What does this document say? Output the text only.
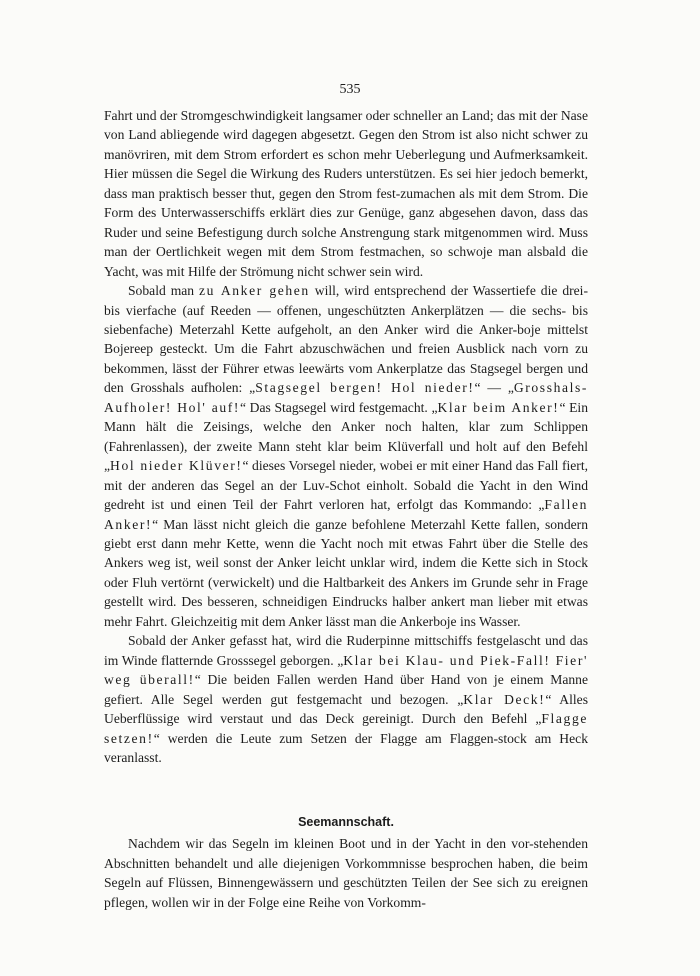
535

Fahrt und der Stromgeschwindigkeit langsamer oder schneller an Land; das mit der Nase von Land abliegende wird dagegen abgesetzt. Gegen den Strom ist also nicht schwer zu manövriren, mit dem Strom erfordert es schon mehr Ueberlegung und Aufmerksamkeit. Hier müssen die Segel die Wirkung des Ruders unterstützen. Es sei hier jedoch bemerkt, dass man praktisch besser thut, gegen den Strom fest-zumachen als mit dem Strom. Die Form des Unterwasserschiffs erklärt dies zur Genüge, ganz abgesehen davon, dass das Ruder und seine Befestigung durch solche Anstrengung stark mitgenommen wird. Muss man der Oertlichkeit wegen mit dem Strom festmachen, so schwoje man alsbald die Yacht, was mit Hilfe der Strömung nicht schwer sein wird.

Sobald man zu Anker gehen will, wird entsprechend der Wassertiefe die drei- bis vierfache (auf Reeden — offenen, ungeschützten Ankerplätzen — die sechs- bis siebenfache) Meterzahl Kette aufgeholt, an den Anker wird die Anker-boje mittelst Bojereep gesteckt. Um die Fahrt abzuschwächen und freien Ausblick nach vorn zu bekommen, lässt der Führer etwas leewärts vom Ankerplatze das Stagsegel bergen und den Grosshals aufholen: „Stagsegel bergen! Hol nieder!“ — „Grosshals-Aufholer! Hol' auf!“ Das Stagsegel wird festgemacht. „Klar beim Anker!“ Ein Mann hält die Zeisings, welche den Anker noch halten, klar zum Schlippen (Fahrenlassen), der zweite Mann steht klar beim Klüverfall und holt auf den Befehl „Hol nieder Klüver!“ dieses Vorsegel nieder, wobei er mit einer Hand das Fall fiert, mit der anderen das Segel an der Luv-Schot einholt. Sobald die Yacht in den Wind gedreht ist und einen Teil der Fahrt verloren hat, erfolgt das Kommando: „Fallen Anker!“ Man lässt nicht gleich die ganze befohlene Meterzahl Kette fallen, sondern giebt erst dann mehr Kette, wenn die Yacht noch mit etwas Fahrt über die Stelle des Ankers weg ist, weil sonst der Anker leicht unklar wird, indem die Kette sich in Stock oder Fluh vertörnt (verwickelt) und die Haltbarkeit des Ankers im Grunde sehr in Frage gestellt wird. Des besseren, schneidigen Eindrucks halber ankert man lieber mit etwas mehr Fahrt. Gleichzeitig mit dem Anker lässt man die Ankerboje ins Wasser.

Sobald der Anker gefasst hat, wird die Ruderpinne mittschiffs festgelascht und das im Winde flatternde Grosssegel geborgen. „Klar bei Klau- und Piek-Fall! Fier' weg überall!“ Die beiden Fallen werden Hand über Hand von je einem Manne gefiert. Alle Segel werden gut festgemacht und bezogen. „Klar Deck!“ Alles Ueberflüssige wird verstaut und das Deck gereinigt. Durch den Befehl „Flagge setzen!“ werden die Leute zum Setzen der Flagge am Flaggen-stock am Heck veranlasst.

Seemannschaft.

Nachdem wir das Segeln im kleinen Boot und in der Yacht in den vor-stehenden Abschnitten behandelt und alle diejenigen Vorkommnisse besprochen haben, die beim Segeln auf Flüssen, Binnengewässern und geschützten Teilen der See sich zu ereignen pflegen, wollen wir in der Folge eine Reihe von Vorkomm-
